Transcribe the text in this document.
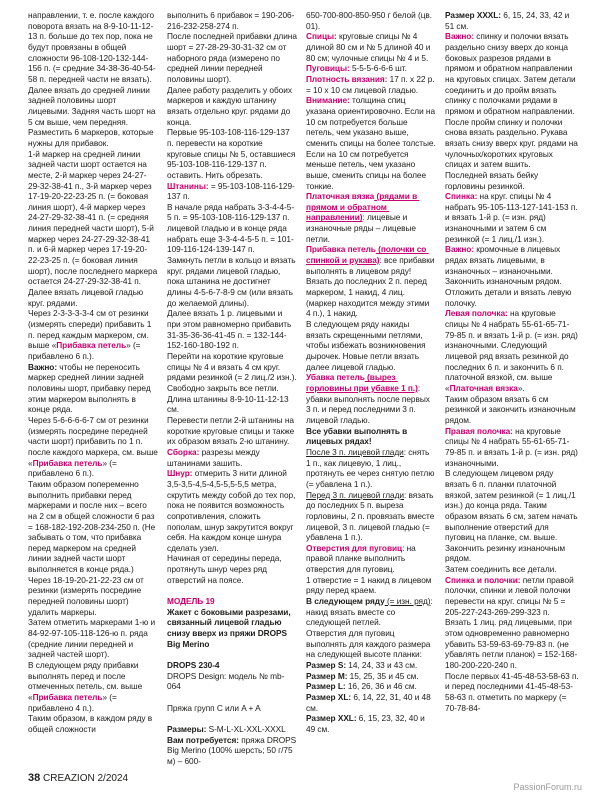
направлении, т. е. после каждого поворота вязать на 8-9-10-11-12-13 п. больше до тех пор, пока не будут провязаны в общей сложности 96-108-120-132-144-156 п. (= средние 34-38-36-40-54-58 п. передней части не вязать).
Далее вязать до средней линии задней половины шорт лицевыми. Задняя часть шорт на 5 см выше, чем передняя.
Разместить 6 маркеров, которые нужны для прибавок.
1-й маркер на средней линии задней части шорт остается на месте, 2-й маркер через 24-27-29-32-38-41 п., 3-й маркер через 17-19-20-22-23-25 п. (= боковая линия шорт), 4-й маркер через 24-27-29-32-38-41 п. (= средняя линия передней части шорт), 5-й маркер через 24-27-29-32-38-41 п. и 6-й маркер через 17-19-20-22-23-25 п. (= боковая линия шорт), после последнего маркера остается 24-27-29-32-38-41 п.
Далее вязать лицевой гладью круг. рядами.
Через 2-3-3-3-3-4 см от резинки (измерять спереди) прибавить 1 п. перед каждым маркером, см. выше «Прибавка петель» (= прибавлено 6 п.).
Важно: чтобы не переносить маркер средней линии задней половины шорт, прибавку перед этим маркером выполнять в конце ряда.
Через 5-6-6-6-6-7 см от резинки (измерять посредине передней части шорт) прибавить по 1 п. после каждого маркера, см. выше «Прибавка петель» (= прибавлено 6 п.).
Таким образом попеременно выполнить прибавки перед маркерами и после них – всего на 2 см в общей сложности 6 раз = 168-182-192-208-234-250 п. (Не забывать о том, что прибавка перед маркером на средней линии задней части шорт выполняется в конце ряда.)
Через 18-19-20-21-22-23 см от резинки (измерять посредине передней половины шорт) удалить маркеры.
Затем отметить маркерами 1-ю и 84-92-97-105-118-126-ю п. ряда (средние линии передней и задней частей шорт).
В следующем ряду прибавки выполнять перед и после отмеченных петель, см. выше «Прибавка петель» (= прибавлено 4 п.).
Таким образом, в каждом ряду в общей сложности
выполнить 6 прибавок = 190-206-216-232-258-274 п.
После последней прибавки длина шорт = 27-28-29-30-31-32 см от наборного ряда (измерено по средней линии передней половины шорт).
Далее работу разделить у обоих маркеров и каждую штанину вязать отдельно круг. рядами до конца.
Первые 95-103-108-116-129-137 п. перевести на короткие круговые спицы № 5, оставшиеся 95-103-108-116-129-137 п. оставить. Нить обрезать.
Штанины: = 95-103-108-116-129-137 п.
В начале ряда набрать 3-3-4-4-5-5 п. = 95-103-108-116-129-137 п. лицевой гладью и в конце ряда набрать еще 3-3-4-4-5-5 п. = 101-109-116-124-139-147 п.
Замкнуть петли в кольцо и вязать круг. рядами лицевой гладью, пока штанина не достигнет длины 4-5-6-7-8-9 см (или вязать до желаемой длины).
Далее вязать 1 р. лицевыми и при этом равномерно прибавить 31-35-36-36-41-45 п. = 132-144-152-160-180-192 п.
Перейти на короткие круговые спицы № 4 и вязать 4 см круг. рядами резинкой (= 2 лиц./2 изн.).
Свободно закрыть все петли.
Длина штанины 8-9-10-11-12-13 см.
Перевести петли 2-й штанины на короткие круговые спицы и также их образом вязать 2-ю штанину.
Сборка: разрезы между штанинами зашить.
Шнур: отмерить 3 нити длиной 3,5-3,5-4,5-4,5-5,5-5,5 метра, скрутить между собой до тех пор, пока не появится возможность сопротивления, сложить пополам, шнур закрутится вокруг себя. На каждом конце шнура сделать узел.
Начиная от середины переда, протянуть шнур через ряд отверстий на поясе.

МОДЕЛЬ 19
Жакет с боковыми разрезами, связанный лицевой гладью снизу вверх из пряжи DROPS Big Merino

DROPS 230-4
DROPS Design: модель № mb-064

Пряжа групп C или A + A

Размеры: S-M-L-XL-XXL-XXXL
Вам потребуется: пряжа DROPS Big Merino (100% шерсть; 50 г/75 м) – 600-
650-700-800-850-950 г белой (цв. 01).
Спицы: круговые спицы № 4 длиной 80 см и № 5 длиной 40 и 80 см; чулочные спицы № 4 и 5.
Пуговицы: 5-5-5-6-6-6 шт.
Плотность вязания: 17 п. х 22 р. = 10 х 10 см лицевой гладью.
Внимание: толщина спиц указана ориентировочно. Если на 10 см потребуется больше петель, чем указано выше, сменить спицы на более толстые. Если на 10 см потребуется меньше петель, чем указано выше, сменить спицы на более тонкие.
Платочная вязка (рядами в прямом и обратном направлении): лицевые и изнаночные ряды – лицевые петли.
Прибавка петель (полочки со спинкой и рукава): все прибавки выполнять в лицевом ряду! Вязать до последних 2 п. перед маркером, 1 накид, 4 лиц. (маркер находится между этими 4 п.), 1 накид.
В следующем ряду накиды вязать скрещенными петлями, чтобы избежать возникновения дырочек. Новые петли вязать далее лицевой гладью.
Убавка петель (вырез горловины при убавке 1 п.): убавки выполнять после первых 3 п. и перед последними 3 п. лицевой гладью.
Все убавки выполнять в лицевых рядах!
После 3 п. лицевой глади: снять 1 п., как лицевую, 1 лиц., протянуть ее через снятую петлю (= убавлена 1 п.).
Перед 3 п. лицевой глади: вязать до последних 5 п. выреза горловины, 2 п. провязать вместе лицевой, 3 п. лицевой гладью (= убавлена 1 п.).
Отверстия для пуговиц: на правой планке выполнить отверстия для пуговиц.
1 отверстие = 1 накид в лицевом ряду перед краем.
В следующем ряду (= изн. ряд): накид вязать вместе со следующей петлей.
Отверстия для пуговиц выполнять для каждого размера на следующей высоте планки:
Размер S: 14, 24, 33 и 43 см.
Размер M: 15, 25, 35 и 45 см.
Размер L: 16, 26, 36 и 46 см.
Размер XL: 6, 14, 22, 31, 40 и 48 см.
Размер XXL: 6, 15, 23, 32, 40 и 49 см.
Размер XXXL: 6, 15, 24, 33, 42 и 51 см.
Важно: спинку и полочки вязать раздельно снизу вверх до конца боковых разрезов рядами в прямом и обратном направлении на круговых спицах. Затем детали соединить и до пройм вязать спинку с полочками рядами в прямом и обратном направлении.
После пройм спинку и полочки снова вязать раздельно. Рукава вязать снизу вверх круг. рядами на чулочных/коротких круговых спицах и затем вшить.
Последней вязать бейку горловины резинкой.
Спинка: на круг. спицы № 4 набрать 95-105-113-127-141-153 п. и вязать 1-й р. (= изн. ряд) изнаночными и затем 6 см резинкой (= 1 лиц./1 изн.).
Важно: кромочные в лицевых рядах вязать лицевыми, в изнаночных – изнаночными. Закончить изнаночным рядом.
Отложить детали и вязать левую полочку.
Левая полочка: на круговые спицы № 4 набрать 55-61-65-71-79-85 п. и вязать 1-й р. (= изн. ряд) изнаночными. Следующий лицевой ряд вязать резинкой до последних 6 п. и закончить 6 п. платочной вязкой, см. выше «Платочная вязка».
Таким образом вязать 6 см резинкой и закончить изнаночным рядом.
Правая полочка: на круговые спицы № 4 набрать 55-61-65-71-79-85 п. и вязать 1-й р. (= изн. ряд) изнаночными.
В следующем лицевом ряду вязать 6 п. планки платочной вязкой, затем резинкой (= 1 лиц./1 изн.) до конца ряда. Таким образом вязать 6 см, затем начать выполнение отверстий для пуговиц на планке, см. выше.
Закончить резинку изнаночным рядом.
Затем соединить все детали.
Спинка и полочки: петли правой полочки, спинки и левой полочки перевести на круг. спицы № 5 = 205-227-243-269-299-323 п.
Вязать 1 лиц. ряд лицевыми, при этом одновременно равномерно убавить 53-59-63-69-79-83 п. (не убавлять петли планок) = 152-168-180-200-220-240 п.
После первых 41-45-48-53-58-63 п. и перед последними 41-45-48-53-58-63 п. отметить по маркеру (= 70-78-84-
38 CREAZION 2/2024
PassionForum.ru
